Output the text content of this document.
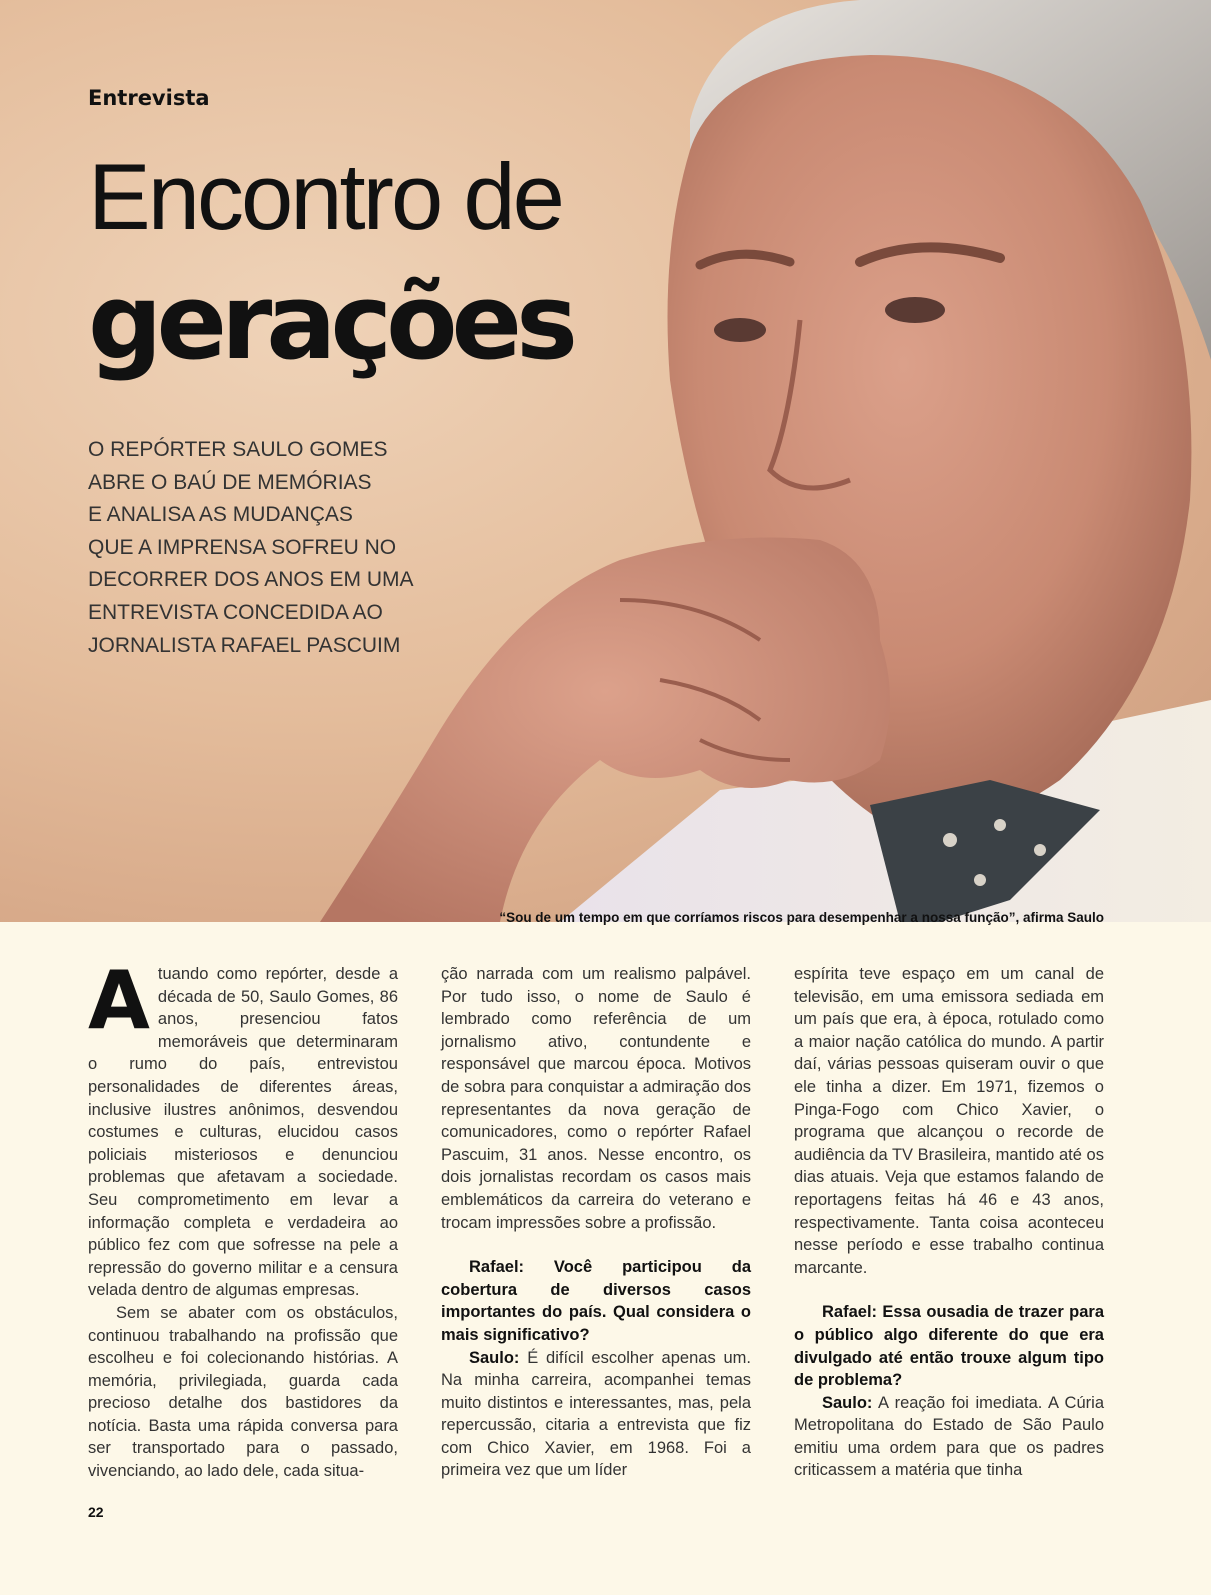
Entrevista

Encontro de
gerações
O REPÓRTER SAULO GOMES
ABRE O BAÚ DE MEMÓRIAS
E ANALISA AS MUDANÇAS
QUE A IMPRENSA SOFREU NO
DECORRER DOS ANOS EM UMA
ENTREVISTA CONCEDIDA AO
JORNALISTA RAFAEL PASCUIM

“Sou de um tempo em que corríamos riscos para desempenhar a nossa função”, afirma Saulo

Atuando como repórter, desde a década de 50, Saulo Gomes, 86 anos, presenciou fatos memoráveis que determinaram o rumo do país, entrevistou personalidades de diferentes áreas, inclusive ilustres anônimos, desvendou costumes e culturas, elucidou casos policiais misteriosos e denunciou problemas que afetavam a sociedade. Seu comprometimento em levar a informação completa e verdadeira ao público fez com que sofresse na pele a repressão do governo militar e a censura velada dentro de algumas empresas.

Sem se abater com os obstáculos, continuou trabalhando na profissão que escolheu e foi colecionando histórias. A memória, privilegiada, guarda cada precioso detalhe dos bastidores da notícia. Basta uma rápida conversa para ser transportado para o passado, vivenciando, ao lado dele, cada situa-

ção narrada com um realismo palpável. Por tudo isso, o nome de Saulo é lembrado como referência de um jornalismo ativo, contundente e responsável que marcou época. Motivos de sobra para conquistar a admiração dos representantes da nova geração de comunicadores, como o repórter Rafael Pascuim, 31 anos. Nesse encontro, os dois jornalistas recordam os casos mais emblemáticos da carreira do veterano e trocam impressões sobre a profissão.

Rafael: Você participou da cobertura de diversos casos importantes do país. Qual considera o mais significativo?

Saulo: É difícil escolher apenas um. Na minha carreira, acompanhei temas muito distintos e interessantes, mas, pela repercussão, citaria a entrevista que fiz com Chico Xavier, em 1968. Foi a primeira vez que um líder

espírita teve espaço em um canal de televisão, em uma emissora sediada em um país que era, à época, rotulado como a maior nação católica do mundo. A partir daí, várias pessoas quiseram ouvir o que ele tinha a dizer. Em 1971, fizemos o Pinga-Fogo com Chico Xavier, o programa que alcançou o recorde de audiência da TV Brasileira, mantido até os dias atuais. Veja que estamos falando de reportagens feitas há 46 e 43 anos, respectivamente. Tanta coisa aconteceu nesse período e esse trabalho continua marcante.

Rafael: Essa ousadia de trazer para o público algo diferente do que era divulgado até então trouxe algum tipo de problema?

Saulo: A reação foi imediata. A Cúria Metropolitana do Estado de São Paulo emitiu uma ordem para que os padres criticassem a matéria que tinha

22
